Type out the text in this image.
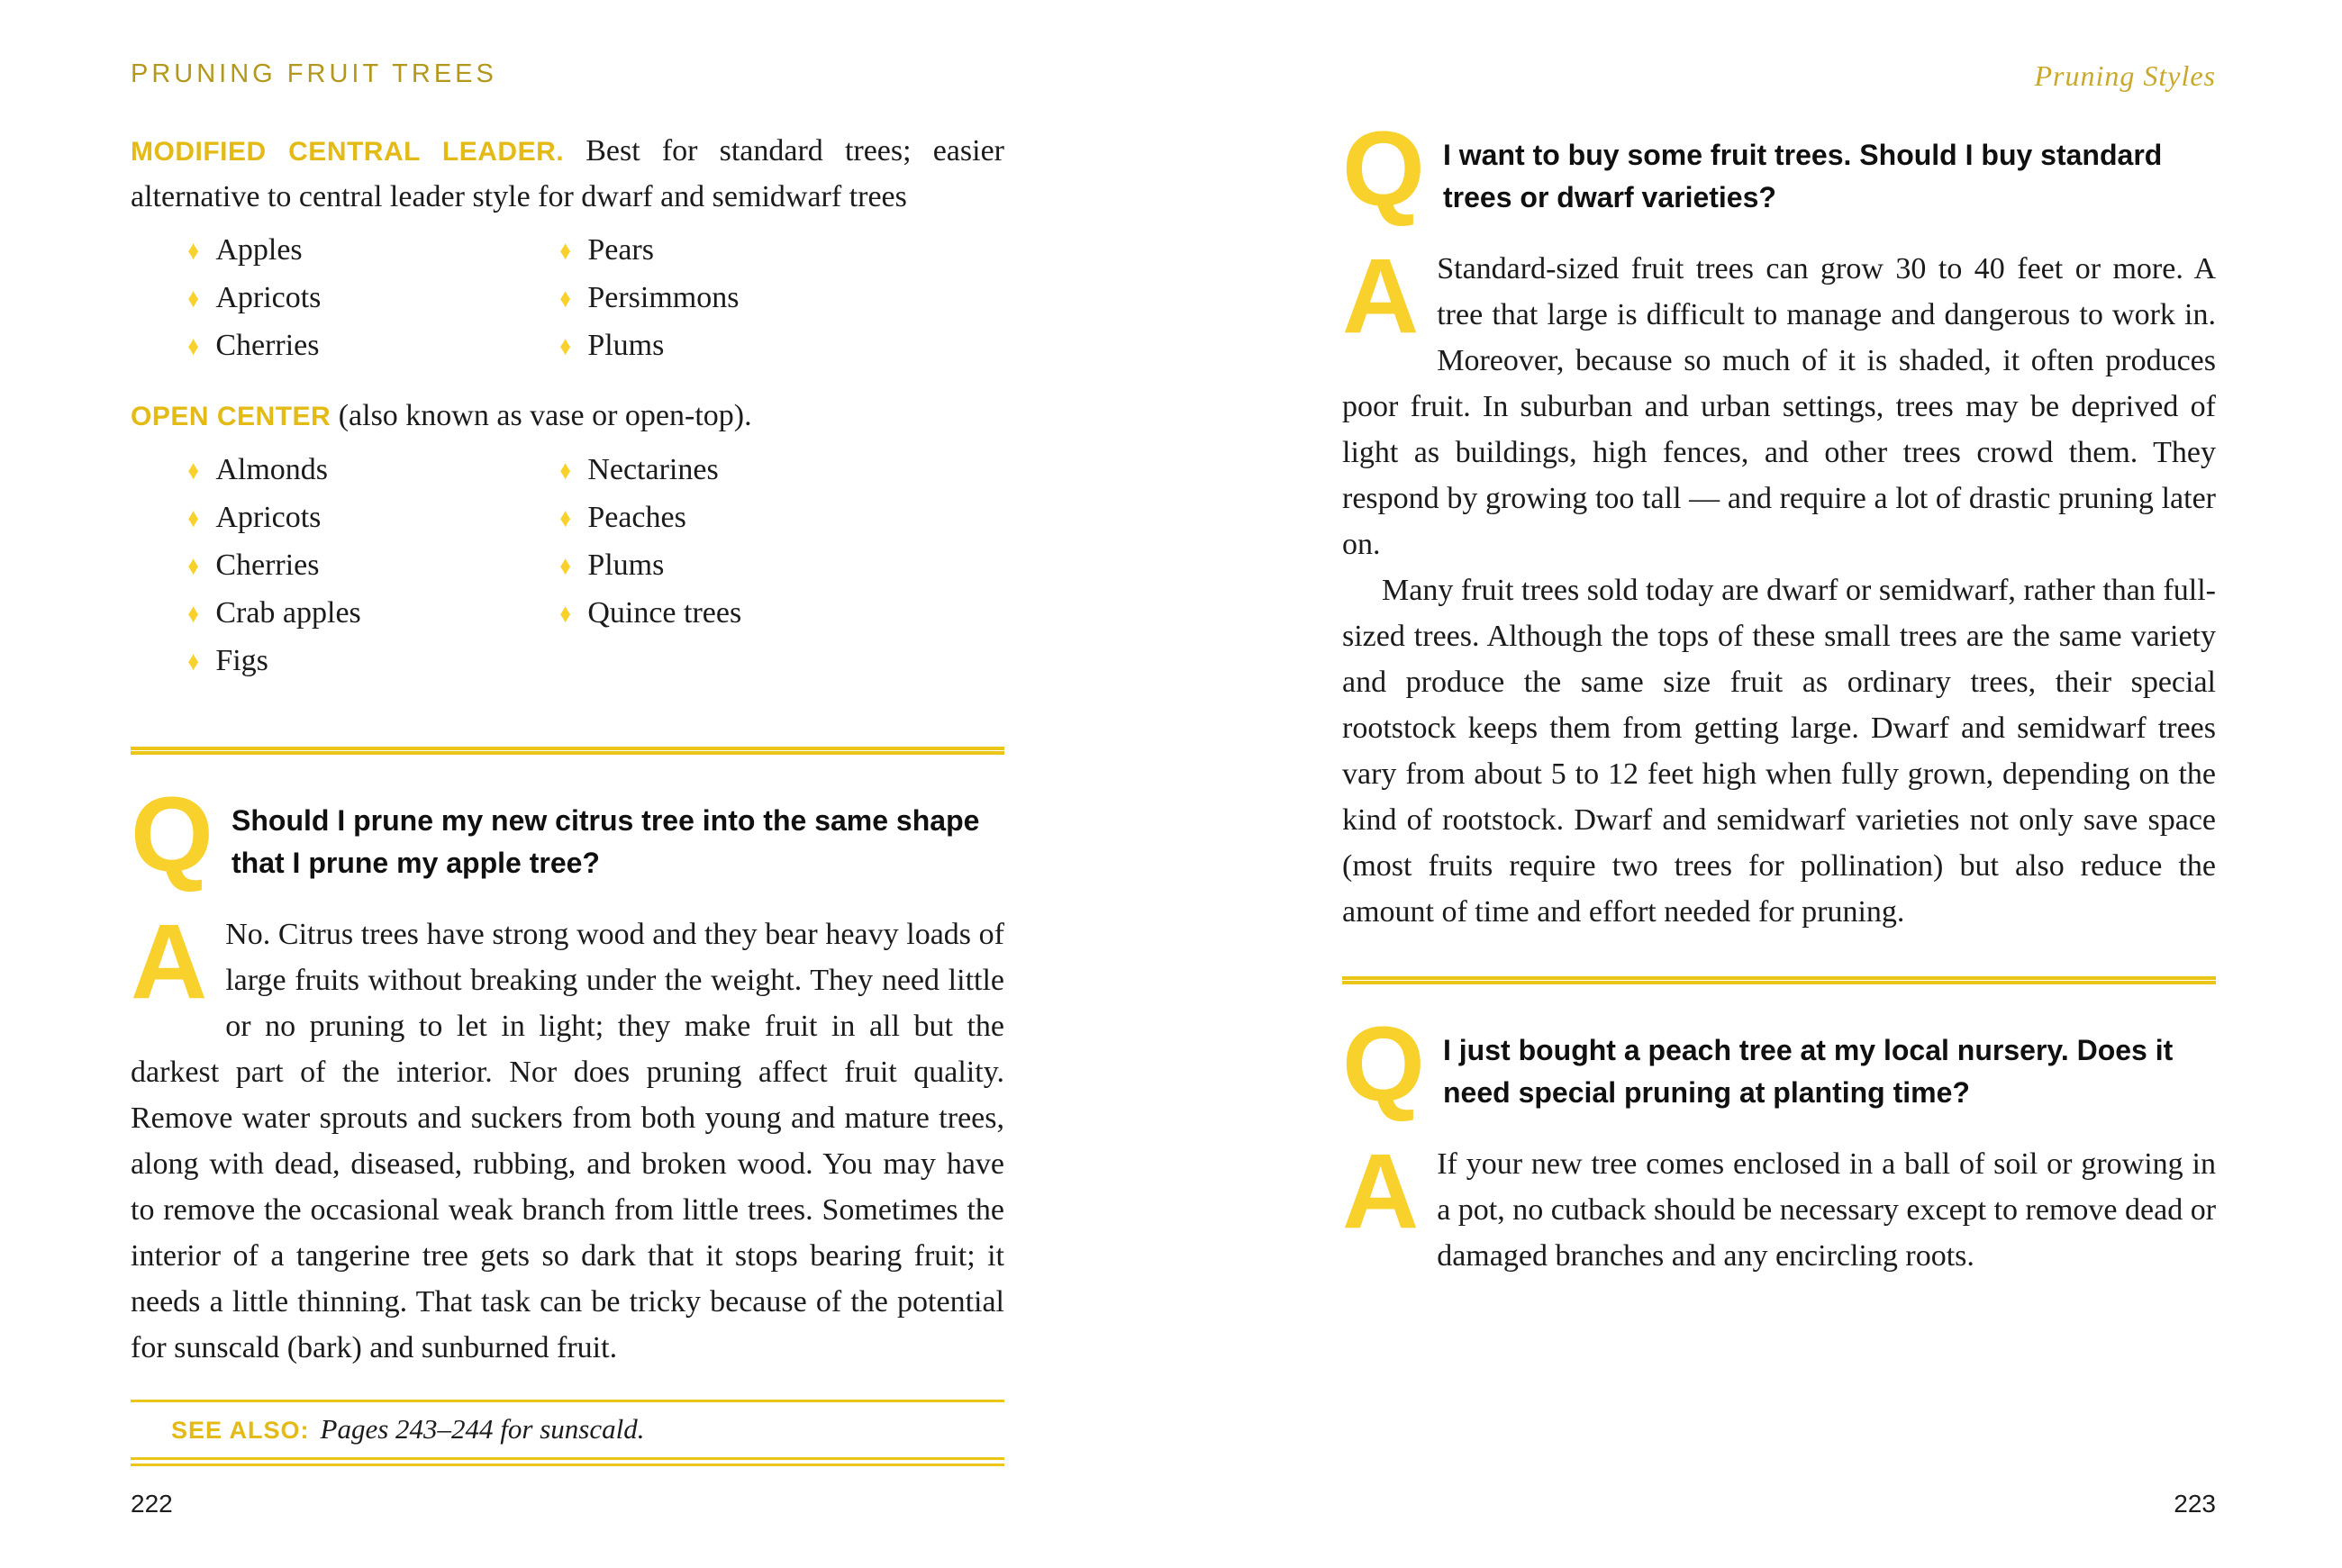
PRUNING FRUIT TREES

MODIFIED CENTRAL LEADER. Best for standard trees; easier alternative to central leader style for dwarf and semidwarf trees

♦ Apples
♦ Apricots
♦ Cherries
♦ Pears
♦ Persimmons
♦ Plums

OPEN CENTER (also known as vase or open-top).

♦ Almonds
♦ Apricots
♦ Cherries
♦ Crab apples
♦ Figs
♦ Nectarines
♦ Peaches
♦ Plums
♦ Quince trees
Q Should I prune my new citrus tree into the same shape that I prune my apple tree?

A No. Citrus trees have strong wood and they bear heavy loads of large fruits without breaking under the weight. They need little or no pruning to let in light; they make fruit in all but the darkest part of the interior. Nor does pruning affect fruit quality. Remove water sprouts and suckers from both young and mature trees, along with dead, diseased, rubbing, and broken wood. You may have to remove the occasional weak branch from little trees. Sometimes the interior of a tangerine tree gets so dark that it stops bearing fruit; it needs a little thinning. That task can be tricky because of the potential for sunscald (bark) and sunburned fruit.

SEE ALSO: Pages 243–244 for sunscald.
222
Pruning Styles
Q I want to buy some fruit trees. Should I buy standard trees or dwarf varieties?

A Standard-sized fruit trees can grow 30 to 40 feet or more. A tree that large is difficult to manage and dangerous to work in. Moreover, because so much of it is shaded, it often produces poor fruit. In suburban and urban settings, trees may be deprived of light as buildings, high fences, and other trees crowd them. They respond by growing too tall — and require a lot of drastic pruning later on.

Many fruit trees sold today are dwarf or semidwarf, rather than full-sized trees. Although the tops of these small trees are the same variety and produce the same size fruit as ordinary trees, their special rootstock keeps them from getting large. Dwarf and semidwarf trees vary from about 5 to 12 feet high when fully grown, depending on the kind of rootstock. Dwarf and semidwarf varieties not only save space (most fruits require two trees for pollination) but also reduce the amount of time and effort needed for pruning.

Q I just bought a peach tree at my local nursery. Does it need special pruning at planting time?

A If your new tree comes enclosed in a ball of soil or growing in a pot, no cutback should be necessary except to remove dead or damaged branches and any encircling roots.

223
